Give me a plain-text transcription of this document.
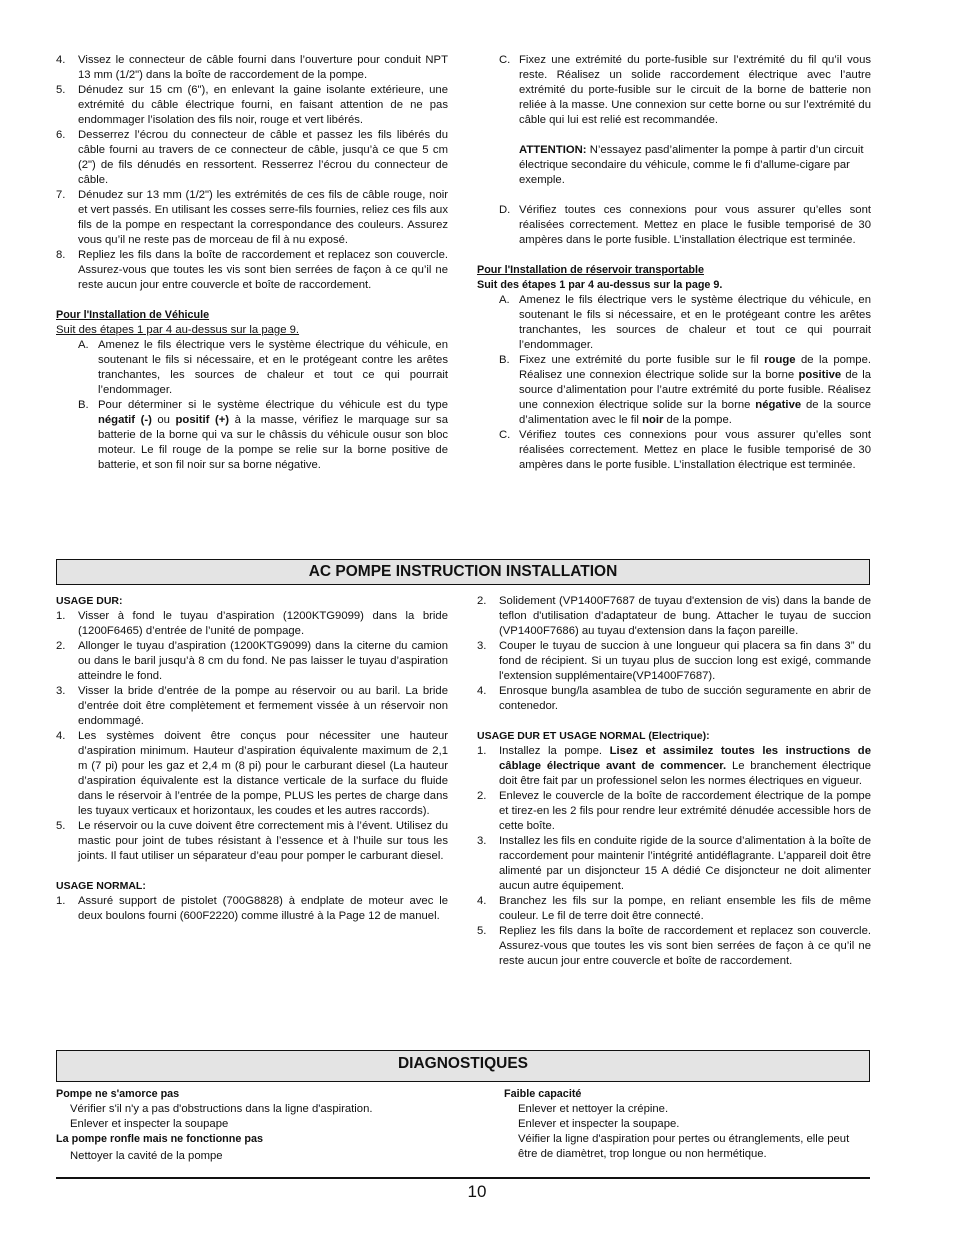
4. Vissez le connecteur de câble fourni dans l’ouverture pour conduit NPT 13 mm (1/2") dans la boîte de raccordement de la pompe.
5. Dénudez sur 15 cm (6"), en enlevant la gaine isolante extérieure, une extrémité du câble électrique fourni, en faisant attention de ne pas endommager l’isolation des fils noir, rouge et vert libérés.
6. Desserrez l’écrou du connecteur de câble et passez les fils libérés du câble fourni au travers de ce connecteur de câble, jusqu’à ce que 5 cm (2") de fils dénudés en ressortent. Resserrez l’écrou du connecteur de câble.
7. Dénudez sur 13 mm (1/2") les extrémités de ces fils de câble rouge, noir et vert passés. En utilisant les cosses serre-fils fournies, reliez ces fils aux fils de la pompe en respectant la correspondance des couleurs. Assurez vous qu’il ne reste pas de morceau de fil à nu exposé.
8. Repliez les fils dans la boîte de raccordement et replacez son couvercle. Assurez-vous que toutes les vis sont bien serrées de façon à ce qu’il ne reste aucun jour entre couvercle et boîte de raccordement.
Pour l'Installation de Véhicule
Suit des étapes 1 par 4 au-dessus sur la page 9.
A. Amenez le fils électrique vers le système électrique du véhicule, en soutenant le fils si nécessaire, et en le protégeant contre les arêtes tranchantes, les sources de chaleur et tout ce qui pourrait l’endommager.
B. Pour déterminer si le système électrique du véhicule est du type négatif (-) ou positif (+) à la masse, vérifiez le marquage sur sa batterie de la borne qui va sur le châssis du véhicule ousur son bloc moteur. Le fil rouge de la pompe se relie sur la borne positive de batterie, et son fil noir sur sa borne négative.
C. Fixez une extrémité du porte-fusible sur l’extrémité du fil qu’il vous reste. Réalisez un solide raccordement électrique avec l’autre extrémité du porte-fusible sur le circuit de la borne de batterie non reliée à la masse. Une connexion sur cette borne ou sur l’extrémité du câble qui lui est relié est recommandée.
ATTENTION: N’essayez pasd’alimenter la pompe à partir d’un circuit électrique secondaire du véhicule, comme le fi d’allume-cigare par exemple.
D. Vérifiez toutes ces connexions pour vous assurer qu’elles sont réalisées correctement. Mettez en place le fusible temporisé de 30 ampères dans le porte fusible. L’installation électrique est terminée.
Pour l'Installation de réservoir transportable
Suit des étapes 1 par 4 au-dessus sur la page 9.
A. Amenez le fils électrique vers le système électrique du véhicule, en soutenant le fils si nécessaire, et en le protégeant contre les arêtes tranchantes, les sources de chaleur et tout ce qui pourrait l’endommager.
B. Fixez une extrémité du porte fusible sur le fil rouge de la pompe. Réalisez une connexion électrique solide sur la borne positive de la source d’alimentation pour l’autre extrémité du porte fusible. Réalisez une connexion électrique solide sur la borne négative de la source d’alimentation avec le fil noir de la pompe.
C. Vérifiez toutes ces connexions pour vous assurer qu’elles sont réalisées correctement. Mettez en place le fusible temporisé de 30 ampères dans le porte fusible. L’installation électrique est terminée.
AC POMPE INSTRUCTION INSTALLATION
USAGE DUR:
1. Visser à fond le tuyau d’aspiration (1200KTG9099) dans la bride (1200F6465) d’entrée de l’unité de pompage.
2. Allonger le tuyau d’aspiration (1200KTG9099) dans la citerne du camion ou dans le baril jusqu’à 8 cm du fond. Ne pas laisser le tuyau d’aspiration atteindre le fond.
3. Visser la bride d’entrée de la pompe au réservoir ou au baril. La bride d’entrée doit être complètement et fermement vissée à un réservoir non endommagé.
4. Les systèmes doivent être conçus pour nécessiter une hauteur d’aspiration minimum. Hauteur d’aspiration équivalente maximum de 2,1 m (7 pi) pour les gaz et 2,4 m (8 pi) pour le carburant diesel (La hauteur d’aspiration équivalente est la distance verticale de la surface du fluide dans le réservoir à l’entrée de la pompe, PLUS les pertes de charge dans les tuyaux verticaux et horizontaux, les coudes et les autres raccords).
5. Le réservoir ou la cuve doivent être correctement mis à l’évent. Utilisez du mastic pour joint de tubes résistant à l’essence et à l’huile sur tous les joints. Il faut utiliser un séparateur d’eau pour pomper le carburant diesel.
USAGE NORMAL:
1. Assuré support de pistolet (700G8828) à endplate de moteur avec le deux boulons fourni (600F2220) comme illustré à la Page 12 de manuel.
2. Solidement (VP1400F7687 de tuyau d'extension de vis) dans la bande de teflon d'utilisation d'adaptateur de bung. Attacher le tuyau de succion (VP1400F7686) au tuyau d'extension dans la façon pareille.
3. Couper le tuyau de succion à une longueur qui placera sa fin dans 3” du fond de récipient. Si un tuyau plus de succion long est exigé, commande l'extension supplémentaire(VP1400F7687).
4. Enrosque bung/la asamblea de tubo de succión seguramente en abrir de contenedor.
USAGE DUR ET USAGE NORMAL (Electrique):
1. Installez la pompe. Lisez et assimilez toutes les instructions de câblage électrique avant de commencer. Le branchement électrique doit être fait par un professionel selon les normes électriques en vigueur.
2. Enlevez le couvercle de la boîte de raccordement électrique de la pompe et tirez-en les 2 fils pour rendre leur extrémité dénudée accessible hors de cette boîte.
3. Installez les fils en conduite rigide de la source d’alimentation à la boîte de raccordement pour maintenir l’intégrité antidéflagrante. L’appareil doit être alimenté par un disjoncteur 15 A dédié Ce disjoncteur ne doit alimenter aucun autre équipement.
4. Branchez les fils sur la pompe, en reliant ensemble les fils de même couleur. Le fil de terre doit être connecté.
5. Repliez les fils dans la boîte de raccordement et replacez son couvercle. Assurez-vous que toutes les vis sont bien serrées de façon à ce qu’il ne reste aucun jour entre couvercle et boîte de raccordement.
DIAGNOSTIQUES
Pompe ne s'amorce pas
Vérifier s'il n'y a pas d'obstructions dans la ligne d'aspiration.
Enlever et inspecter la soupape
La pompe ronfle mais ne fonctionne pas
Nettoyer la cavité de la pompe
Faible capacité
Enlever et nettoyer la crépine.
Enlever et inspecter la soupape.
Véifier la ligne d'aspiration pour pertes ou étranglements, elle peut être de diamètret, trop longue ou non hermétique.
10
